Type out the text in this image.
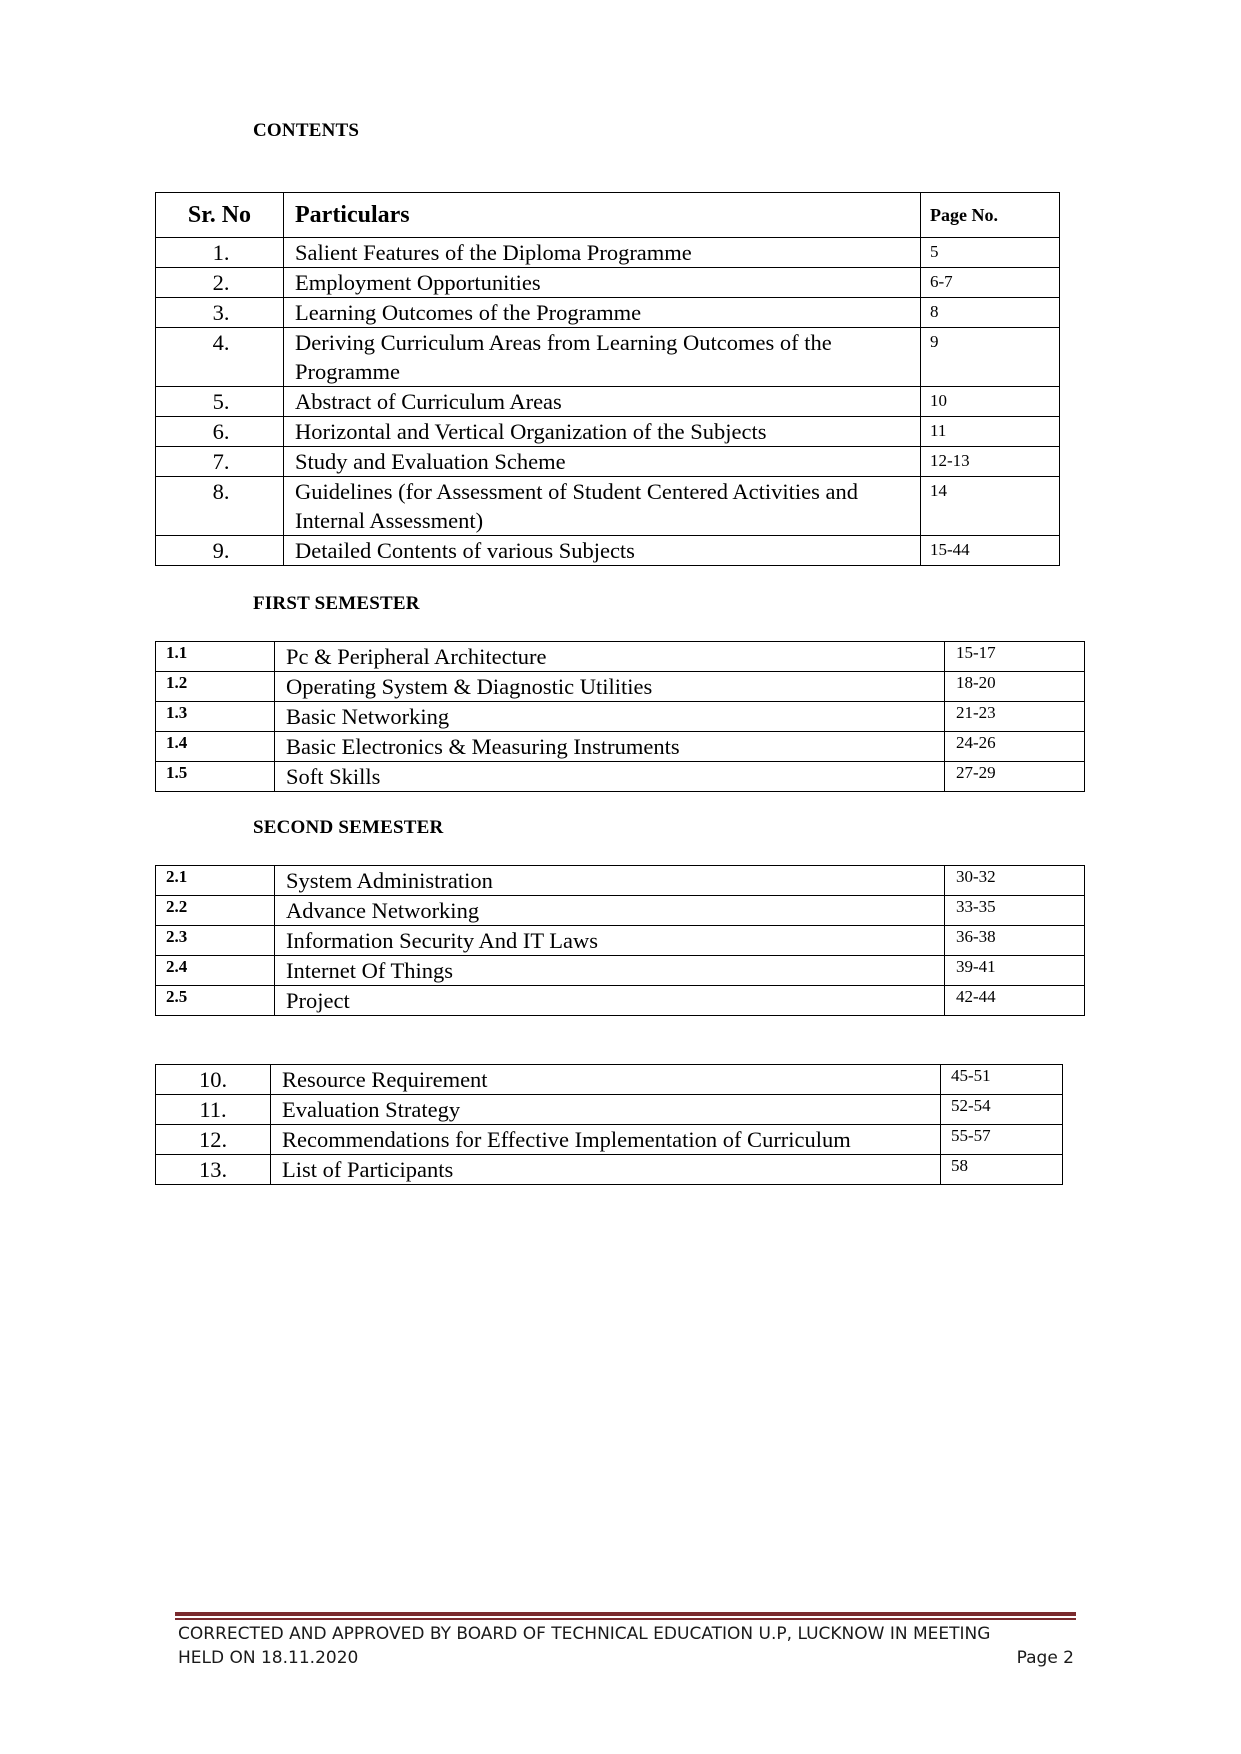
CONTENTS
Sr. No	Particulars	Page No.
1.	Salient Features of the Diploma Programme	5
2.	Employment Opportunities	6-7
3.	Learning Outcomes of the Programme	8
4.	Deriving Curriculum Areas from Learning Outcomes of the Programme	9
5.	Abstract of Curriculum Areas	10
6.	Horizontal and Vertical Organization of the Subjects	11
7.	Study and Evaluation Scheme	12-13
8.	Guidelines (for Assessment of Student Centered Activities and Internal Assessment)	14
9.	Detailed Contents of various Subjects	15-44
FIRST SEMESTER
1.1	Pc & Peripheral Architecture	15-17
1.2	Operating System & Diagnostic Utilities	18-20
1.3	Basic Networking	21-23
1.4	Basic Electronics & Measuring Instruments	24-26
1.5	Soft Skills	27-29
SECOND SEMESTER
2.1	System Administration	30-32
2.2	Advance Networking	33-35
2.3	Information Security And IT Laws	36-38
2.4	Internet Of Things	39-41
2.5	Project	42-44
10.	Resource Requirement	45-51
11.	Evaluation Strategy	52-54
12.	Recommendations for Effective Implementation of Curriculum	55-57
13.	List of Participants	58
CORRECTED AND APPROVED BY BOARD OF TECHNICAL EDUCATION U.P, LUCKNOW IN MEETING
HELD ON 18.11.2020	Page 2
